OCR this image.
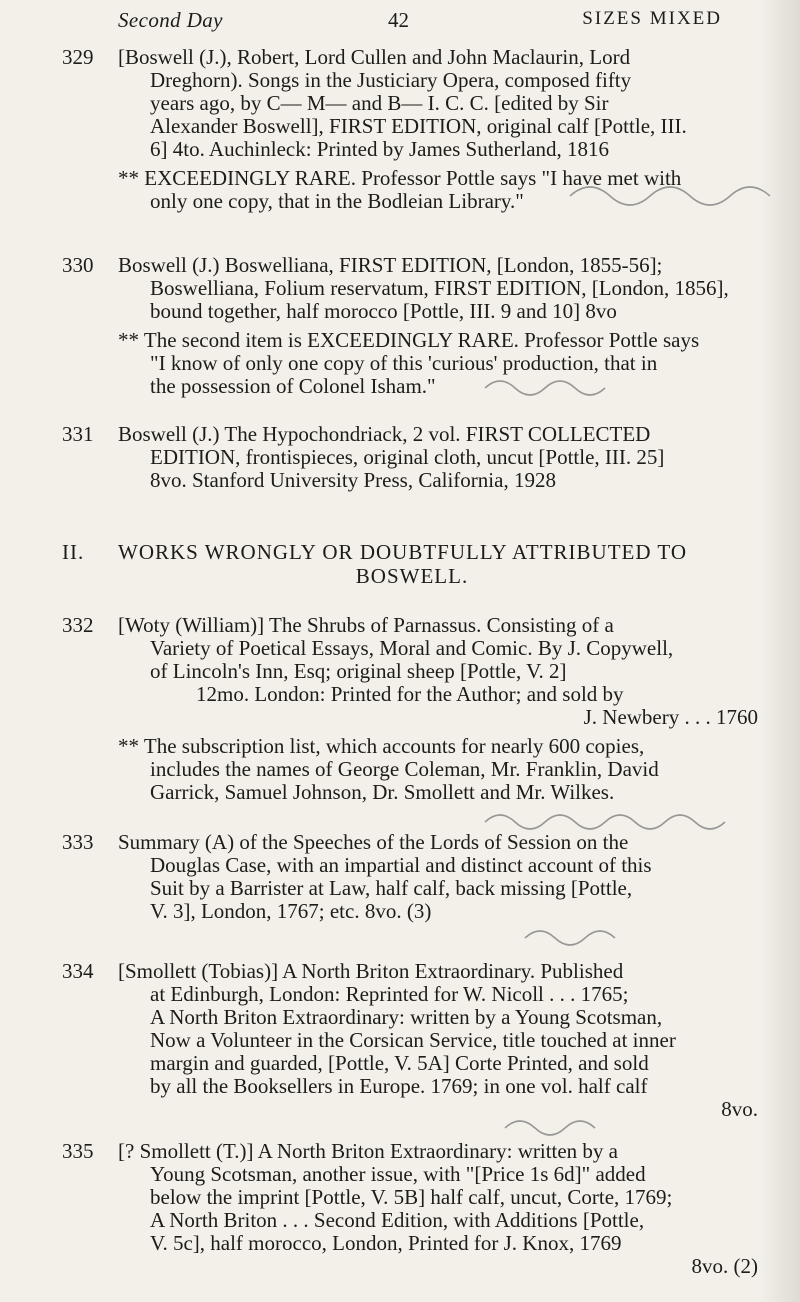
Second Day	42	SIZES MIXED
329	[Boswell (J.), Robert, Lord Cullen and John Maclaurin, Lord
Dreghorn). Songs in the Justiciary Opera, composed fifty
years ago, by C— M— and B— I. C. C. [edited by Sir
Alexander Boswell], FIRST EDITION, original calf [Pottle, III.
6] 4to. Auchinleck: Printed by James Sutherland, 1816
** EXCEEDINGLY RARE. Professor Pottle says "I have met with
only one copy, that in the Bodleian Library."
330	Boswell (J.) Boswelliana, FIRST EDITION, [London, 1855-56];
Boswelliana, Folium reservatum, FIRST EDITION, [London, 1856],
bound together, half morocco [Pottle, III. 9 and 10] 8vo
** The second item is EXCEEDINGLY RARE. Professor Pottle says
"I know of only one copy of this 'curious' production, that in
the possession of Colonel Isham."
331	Boswell (J.) The Hypochondriack, 2 vol. FIRST COLLECTED
EDITION, frontispieces, original cloth, uncut [Pottle, III. 25]
8vo. Stanford University Press, California, 1928
II. WORKS WRONGLY OR DOUBTFULLY ATTRIBUTED TO
BOSWELL.
332	[Woty (William)] The Shrubs of Parnassus. Consisting of a
Variety of Poetical Essays, Moral and Comic. By J. Copywell,
of Lincoln's Inn, Esq; original sheep [Pottle, V. 2]
12mo. London: Printed for the Author; and sold by
J. Newbery . . . 1760
** The subscription list, which accounts for nearly 600 copies,
includes the names of George Coleman, Mr. Franklin, David
Garrick, Samuel Johnson, Dr. Smollett and Mr. Wilkes.
333	Summary (A) of the Speeches of the Lords of Session on the
Douglas Case, with an impartial and distinct account of this
Suit by a Barrister at Law, half calf, back missing [Pottle,
V. 3], London, 1767; etc. 8vo. (3)
334	[Smollett (Tobias)] A North Briton Extraordinary. Published
at Edinburgh, London: Reprinted for W. Nicoll . . . 1765;
A North Briton Extraordinary: written by a Young Scotsman,
Now a Volunteer in the Corsican Service, title touched at inner
margin and guarded, [Pottle, V. 5A] Corte Printed, and sold
by all the Booksellers in Europe. 1769; in one vol. half calf
8vo.
335	[? Smollett (T.)] A North Briton Extraordinary: written by a
Young Scotsman, another issue, with "[Price 1s 6d]" added
below the imprint [Pottle, V. 5B] half calf, uncut, Corte, 1769;
A North Briton . . . Second Edition, with Additions [Pottle,
V. 5c], half morocco, London, Printed for J. Knox, 1769
8vo. (2)
